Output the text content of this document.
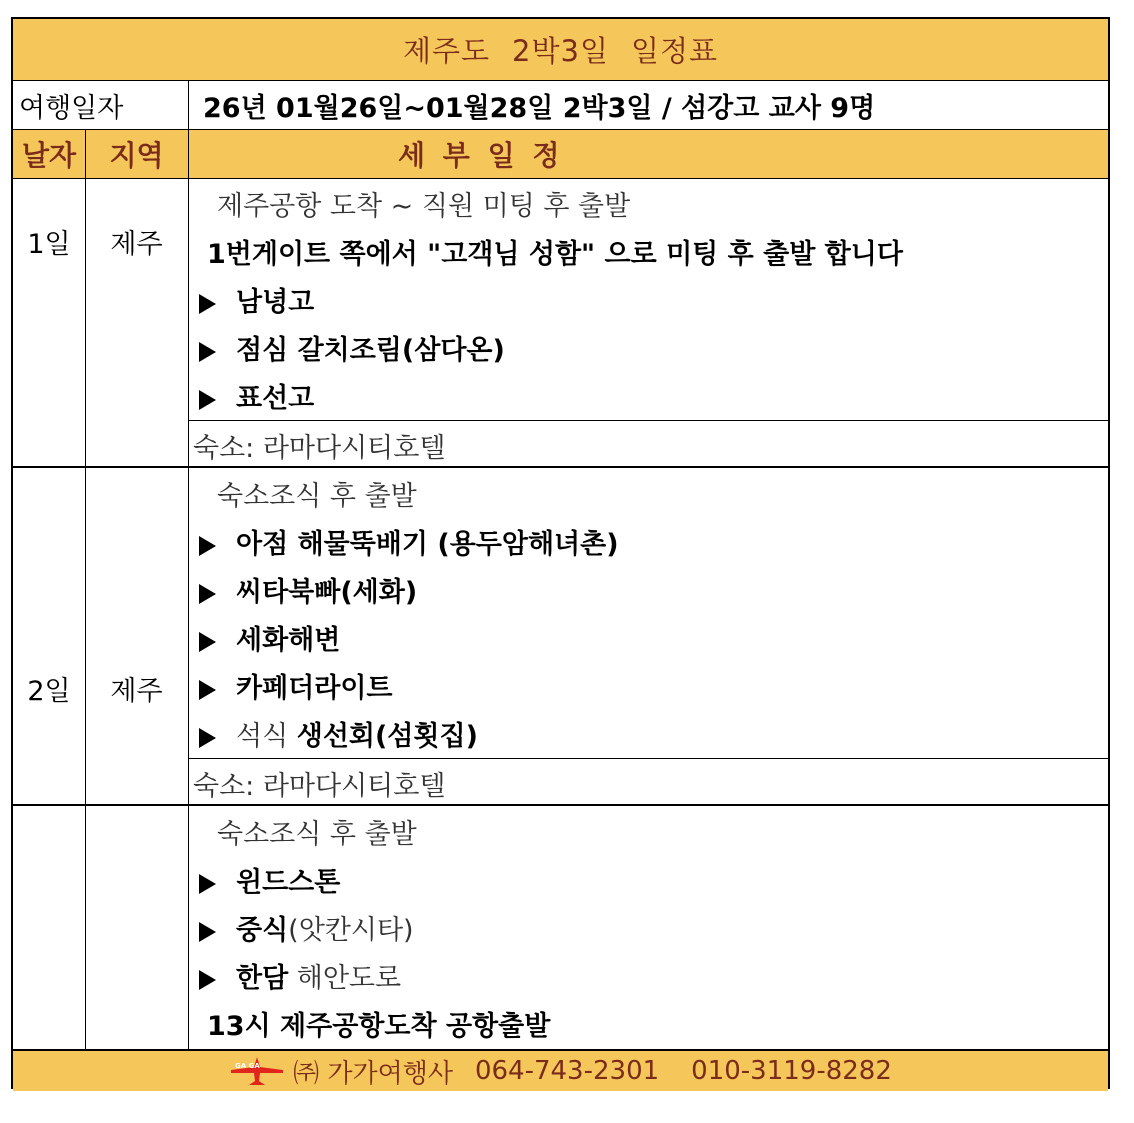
제주도 2박3일 일정표
여행일자	26년 01월26일~01월28일 2박3일 / 섬강고 교사 9명
날자	지역	세 부 일 정
1일	제주
제주공항 도착 ~ 직원 미팅 후 출발
1번게이트 쪽에서 "고객님 성함" 으로 미팅 후 출발 합니다
남녕고
점심 갈치조림(삼다온)
표선고
숙소: 라마다시티호텔
2일	제주
숙소조식 후 출발
아점 해물뚝배기 (용두암해녀촌)
씨타북빠(세화)
세화해변
카페더라이트
석식 생선회(섬횟집)
숙소: 라마다시티호텔
숙소조식 후 출발
윈드스톤
중식(앗칸시타)
한담 해안도로
13시 제주공항도착 공항출발
GA GA ㈜ 가가여행사 064-743-2301 010-3119-8282
